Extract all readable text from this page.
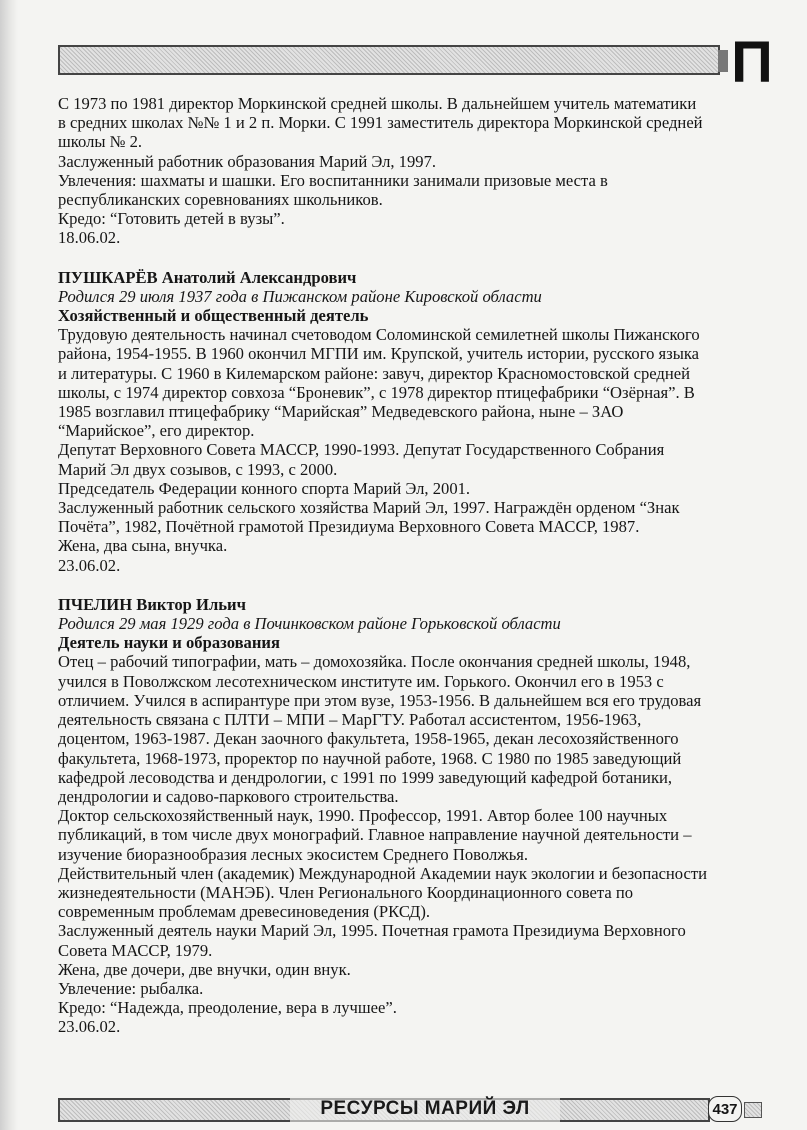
П

С 1973 по 1981 директор Моркинской средней школы. В дальнейшем учитель математики

в средних школах №№ 1 и 2 п. Морки. С 1991 заместитель директора Моркинской средней

школы № 2.

Заслуженный работник образования Марий Эл, 1997.

Увлечения: шахматы и шашки. Его воспитанники занимали призовые места в

республиканских соревнованиях школьников.

Кредо: “Готовить детей в вузы”.

18.06.02.

ПУШКАРЁВ Анатолий Александрович

Родился 29 июля 1937 года в Пижанском районе Кировской области

Хозяйственный и общественный деятель

Трудовую деятельность начинал счетоводом Соломинской семилетней школы Пижанского

района, 1954-1955. В 1960 окончил МГПИ им. Крупской, учитель истории, русского языка

и литературы. С 1960 в Килемарском районе: завуч, директор Красномостовской средней

школы, с 1974 директор совхоза “Броневик”, с 1978 директор птицефабрики “Озёрная”. В

1985 возглавил птицефабрику “Марийская” Медведевского района, ныне – ЗАО

“Марийское”, его директор.

Депутат Верховного Совета МАССР, 1990-1993. Депутат Государственного Собрания

Марий Эл двух созывов, с 1993, с 2000.

Председатель Федерации конного спорта Марий Эл, 2001.

Заслуженный работник сельского хозяйства Марий Эл, 1997. Награждён орденом “Знак

Почёта”, 1982, Почётной грамотой Президиума Верховного Совета МАССР, 1987.

Жена, два сына, внучка.

23.06.02.

ПЧЕЛИН Виктор Ильич

Родился 29 мая 1929 года в Починковском районе Горьковской области

Деятель науки и образования

Отец – рабочий типографии, мать – домохозяйка. После окончания средней школы, 1948,

учился в Поволжском лесотехническом институте им. Горького. Окончил его в 1953 с

отличием. Учился в аспирантуре при этом вузе, 1953-1956. В дальнейшем вся его трудовая

деятельность связана с ПЛТИ – МПИ – МарГТУ. Работал ассистентом, 1956-1963,

доцентом, 1963-1987. Декан заочного факультета, 1958-1965, декан лесохозяйственного

факультета, 1968-1973, проректор по научной работе, 1968. С 1980 по 1985 заведующий

кафедрой лесоводства и дендрологии, с 1991 по 1999 заведующий кафедрой ботаники,

дендрологии и садово-паркового строительства.

Доктор сельскохозяйственный наук, 1990. Профессор, 1991. Автор более 100 научных

публикаций, в том числе двух монографий. Главное направление научной деятельности –

изучение биоразнообразия лесных экосистем Среднего Поволжья.

Действительный член (академик) Международной Академии наук экологии и безопасности

жизнедеятельности (МАНЭБ). Член Регионального Координационного совета по

современным проблемам древесиноведения (РКСД).

Заслуженный деятель науки Марий Эл, 1995. Почетная грамота Президиума Верховного

Совета МАССР, 1979.

Жена, две дочери, две внучки, один внук.

Увлечение: рыбалка.

Кредо: “Надежда, преодоление, вера в лучшее”.

23.06.02.

РЕСУРСЫ МАРИЙ ЭЛ	437
